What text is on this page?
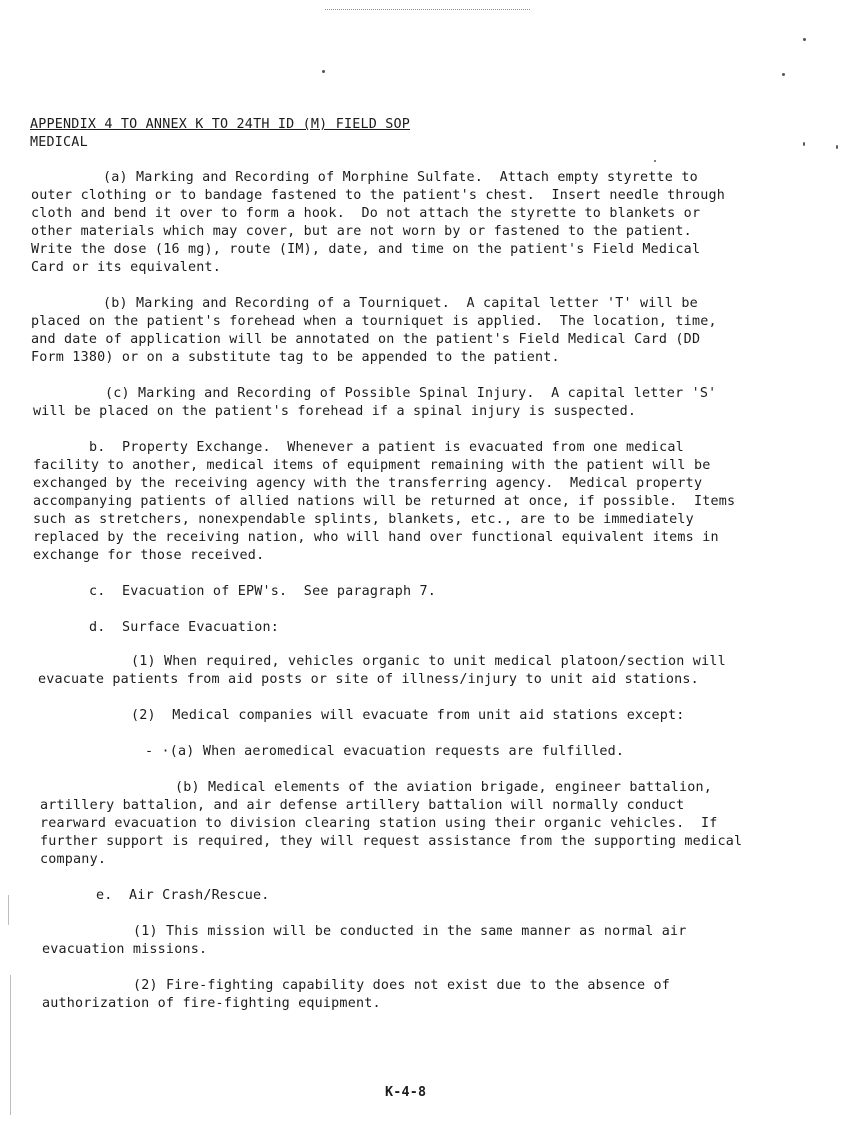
APPENDIX 4 TO ANNEX K TO 24TH ID (M) FIELD SOP
MEDICAL
(a) Marking and Recording of Morphine Sulfate.  Attach empty styrette to
outer clothing or to bandage fastened to the patient's chest.  Insert needle through
cloth and bend it over to form a hook.  Do not attach the styrette to blankets or
other materials which may cover, but are not worn by or fastened to the patient.
Write the dose (16 mg), route (IM), date, and time on the patient's Field Medical
Card or its equivalent.
(b) Marking and Recording of a Tourniquet.  A capital letter 'T' will be
placed on the patient's forehead when a tourniquet is applied.  The location, time,
and date of application will be annotated on the patient's Field Medical Card (DD
Form 1380) or on a substitute tag to be appended to the patient.
(c) Marking and Recording of Possible Spinal Injury.  A capital letter 'S'
will be placed on the patient's forehead if a spinal injury is suspected.
b.  Property Exchange.  Whenever a patient is evacuated from one medical
facility to another, medical items of equipment remaining with the patient will be
exchanged by the receiving agency with the transferring agency.  Medical property
accompanying patients of allied nations will be returned at once, if possible.  Items
such as stretchers, nonexpendable splints, blankets, etc., are to be immediately
replaced by the receiving nation, who will hand over functional equivalent items in
exchange for those received.
c.  Evacuation of EPW's.  See paragraph 7.
d.  Surface Evacuation:
(1) When required, vehicles organic to unit medical platoon/section will
evacuate patients from aid posts or site of illness/injury to unit aid stations.
(2)  Medical companies will evacuate from unit aid stations except:
- ·(a) When aeromedical evacuation requests are fulfilled.
(b) Medical elements of the aviation brigade, engineer battalion,
artillery battalion, and air defense artillery battalion will normally conduct
rearward evacuation to division clearing station using their organic vehicles.  If
further support is required, they will request assistance from the supporting medical
company.
e.  Air Crash/Rescue.
(1) This mission will be conducted in the same manner as normal air
evacuation missions.
(2) Fire-fighting capability does not exist due to the absence of
authorization of fire-fighting equipment.
K-4-8
